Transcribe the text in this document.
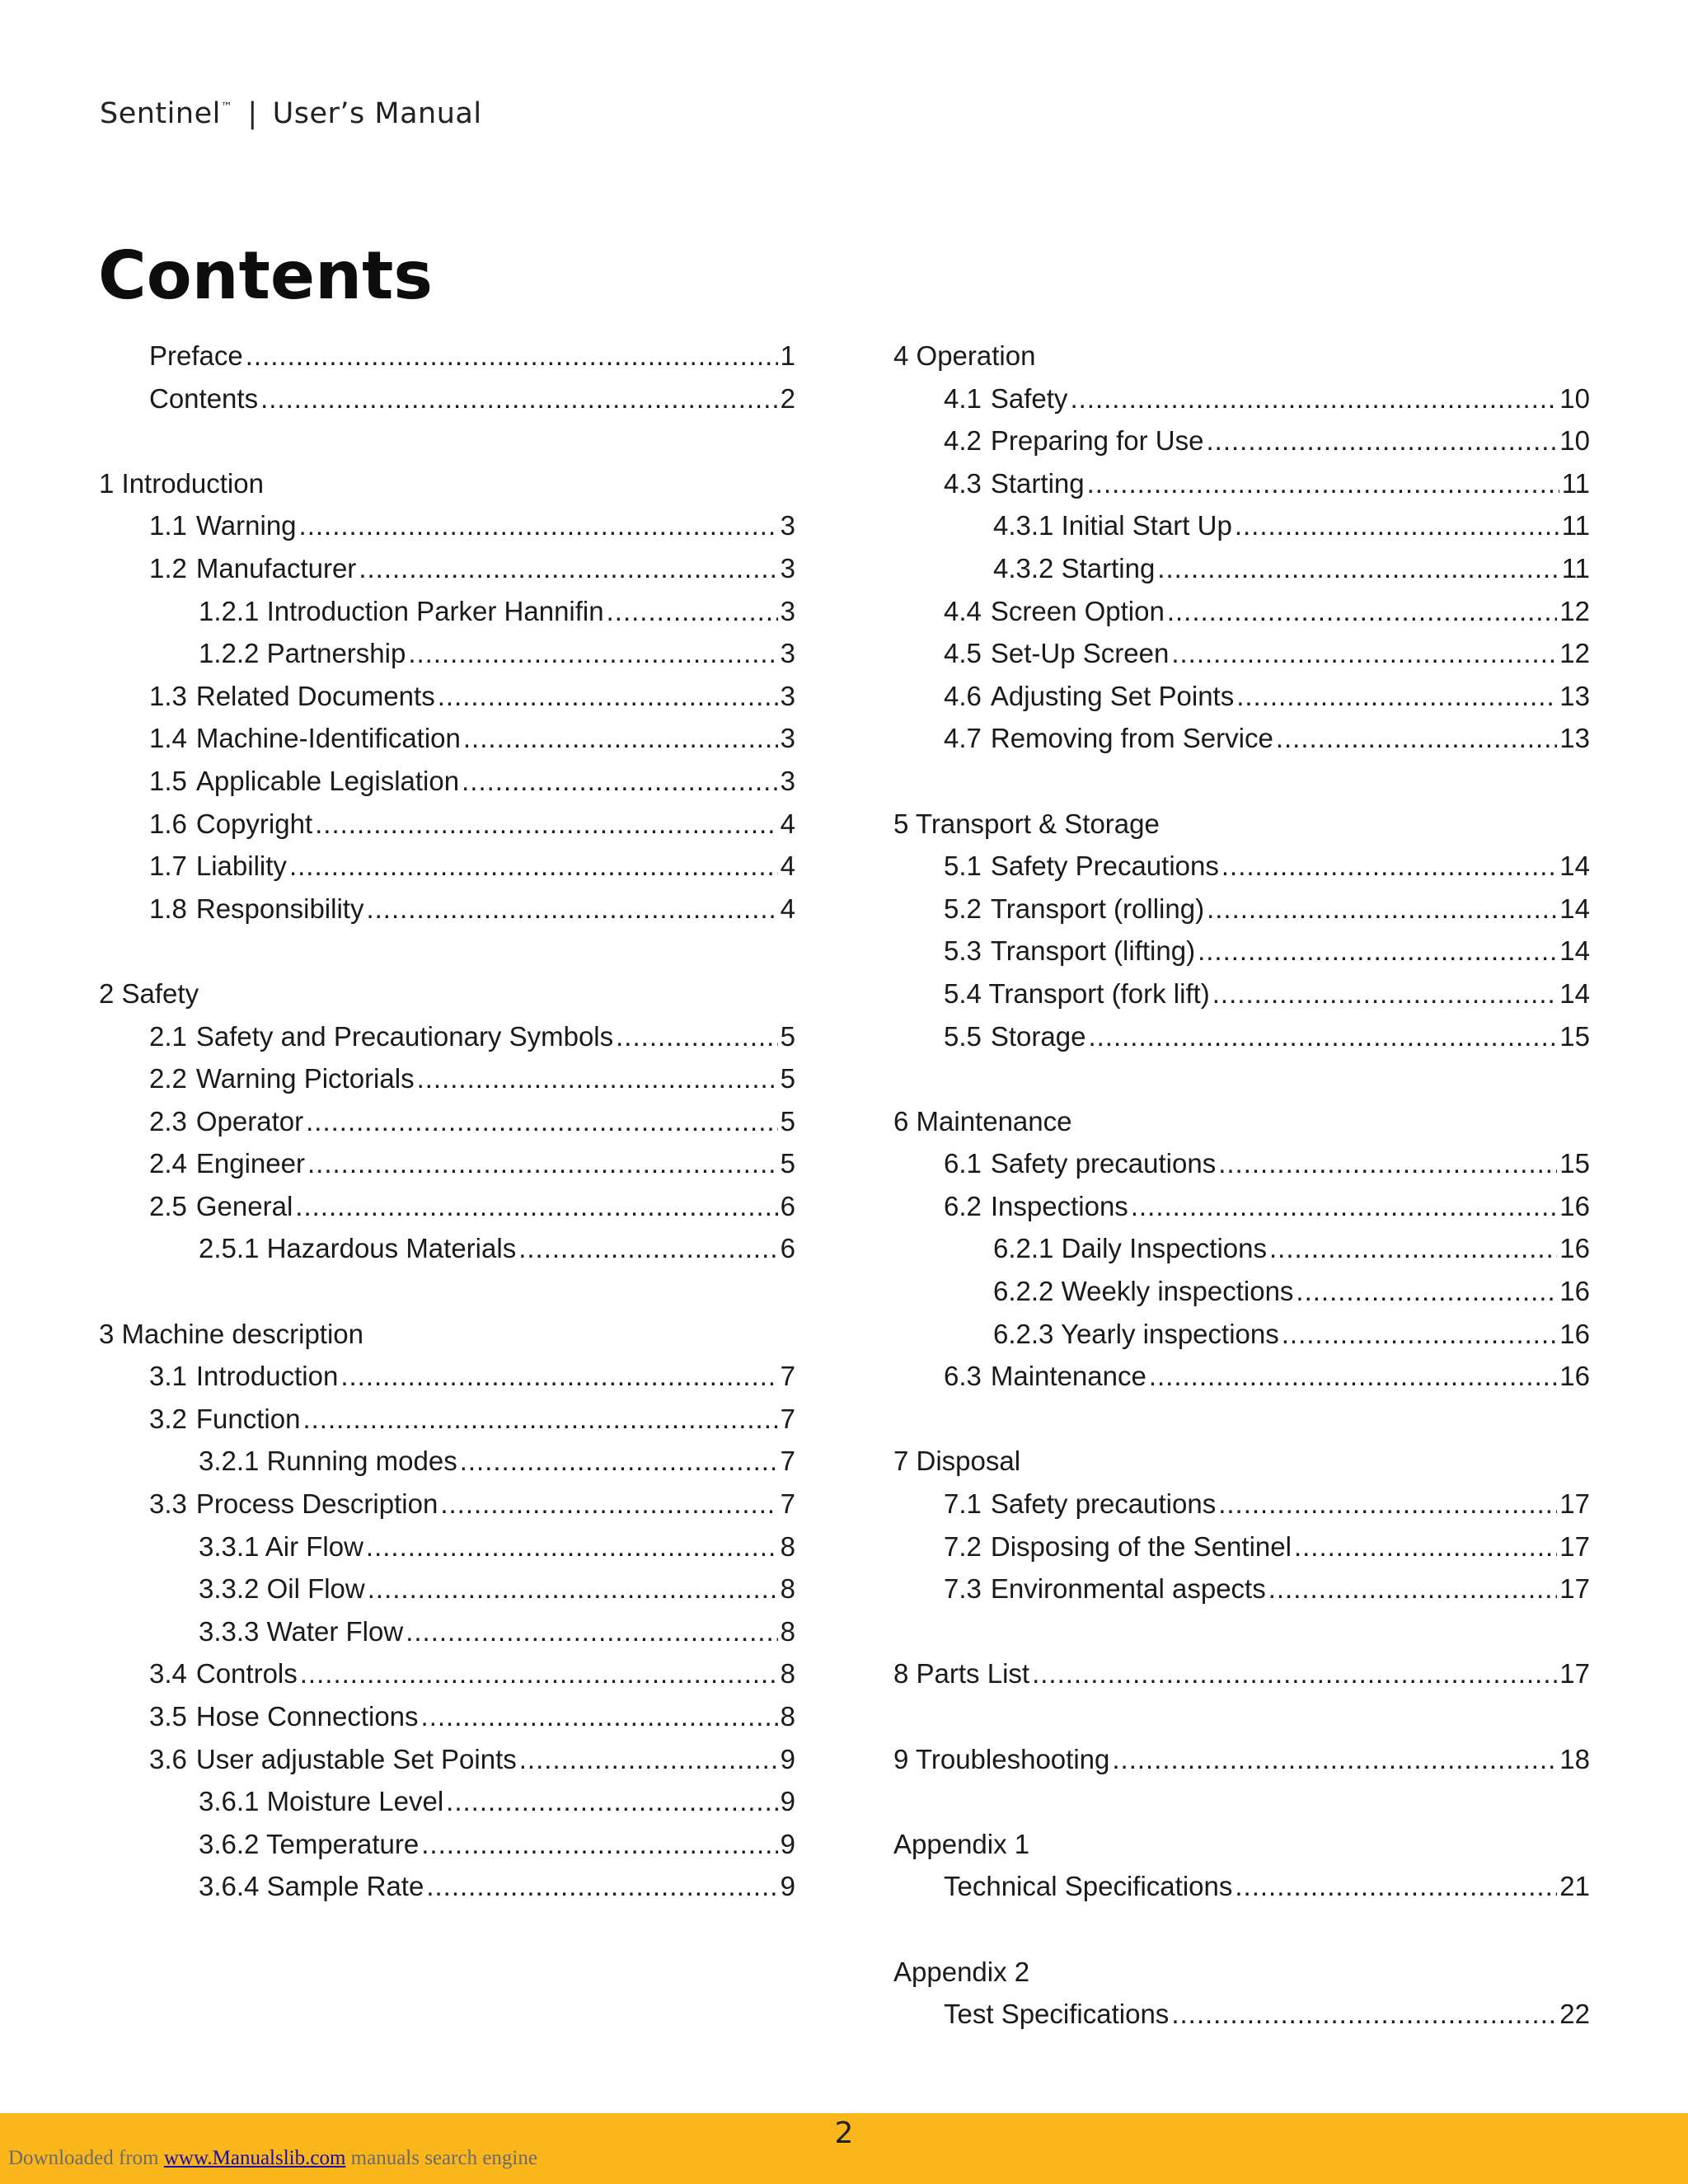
Sentinel™ | User’s Manual
Contents
Preface .....	1
Contents .....	2
1 Introduction
1.1 Warning .....	3
1.2 Manufacturer .....	3
1.2.1 Introduction Parker Hannifin .....	3
1.2.2 Partnership .....	3
1.3 Related Documents .....	3
1.4 Machine-Identification .....	3
1.5 Applicable Legislation .....	3
1.6 Copyright .....	4
1.7 Liability .....	4
1.8 Responsibility .....	4
2 Safety
2.1 Safety and Precautionary Symbols .....	5
2.2 Warning Pictorials .....	5
2.3 Operator .....	5
2.4 Engineer .....	5
2.5 General .....	6
2.5.1 Hazardous Materials .....	6
3 Machine description
3.1 Introduction .....	7
3.2 Function .....	7
3.2.1 Running modes .....	7
3.3 Process Description .....	7
3.3.1 Air Flow .....	8
3.3.2 Oil Flow .....	8
3.3.3 Water Flow .....	8
3.4 Controls .....	8
3.5 Hose Connections .....	8
3.6 User adjustable Set Points .....	9
3.6.1 Moisture Level .....	9
3.6.2 Temperature .....	9
3.6.4 Sample Rate .....	9
4 Operation
4.1 Safety .....	10
4.2 Preparing for Use .....	10
4.3 Starting .....	11
4.3.1 Initial Start Up .....	11
4.3.2 Starting .....	11
4.4 Screen Option .....	12
4.5 Set-Up Screen .....	12
4.6 Adjusting Set Points .....	13
4.7 Removing from Service .....	13
5 Transport & Storage
5.1 Safety Precautions .....	14
5.2 Transport (rolling) .....	14
5.3 Transport (lifting) .....	14
5.4 Transport (fork lift) .....	14
5.5 Storage .....	15
6 Maintenance
6.1 Safety precautions .....	15
6.2 Inspections .....	16
6.2.1 Daily Inspections .....	16
6.2.2 Weekly inspections .....	16
6.2.3 Yearly inspections .....	16
6.3 Maintenance .....	16
7 Disposal
7.1 Safety precautions .....	17
7.2 Disposing of the Sentinel .....	17
7.3 Environmental aspects .....	17
8 Parts List .....	17
9 Troubleshooting .....	18
Appendix 1
Technical Specifications .....	21
Appendix 2
Test Specifications .....	22
2
Downloaded from www.Manualslib.com manuals search engine
